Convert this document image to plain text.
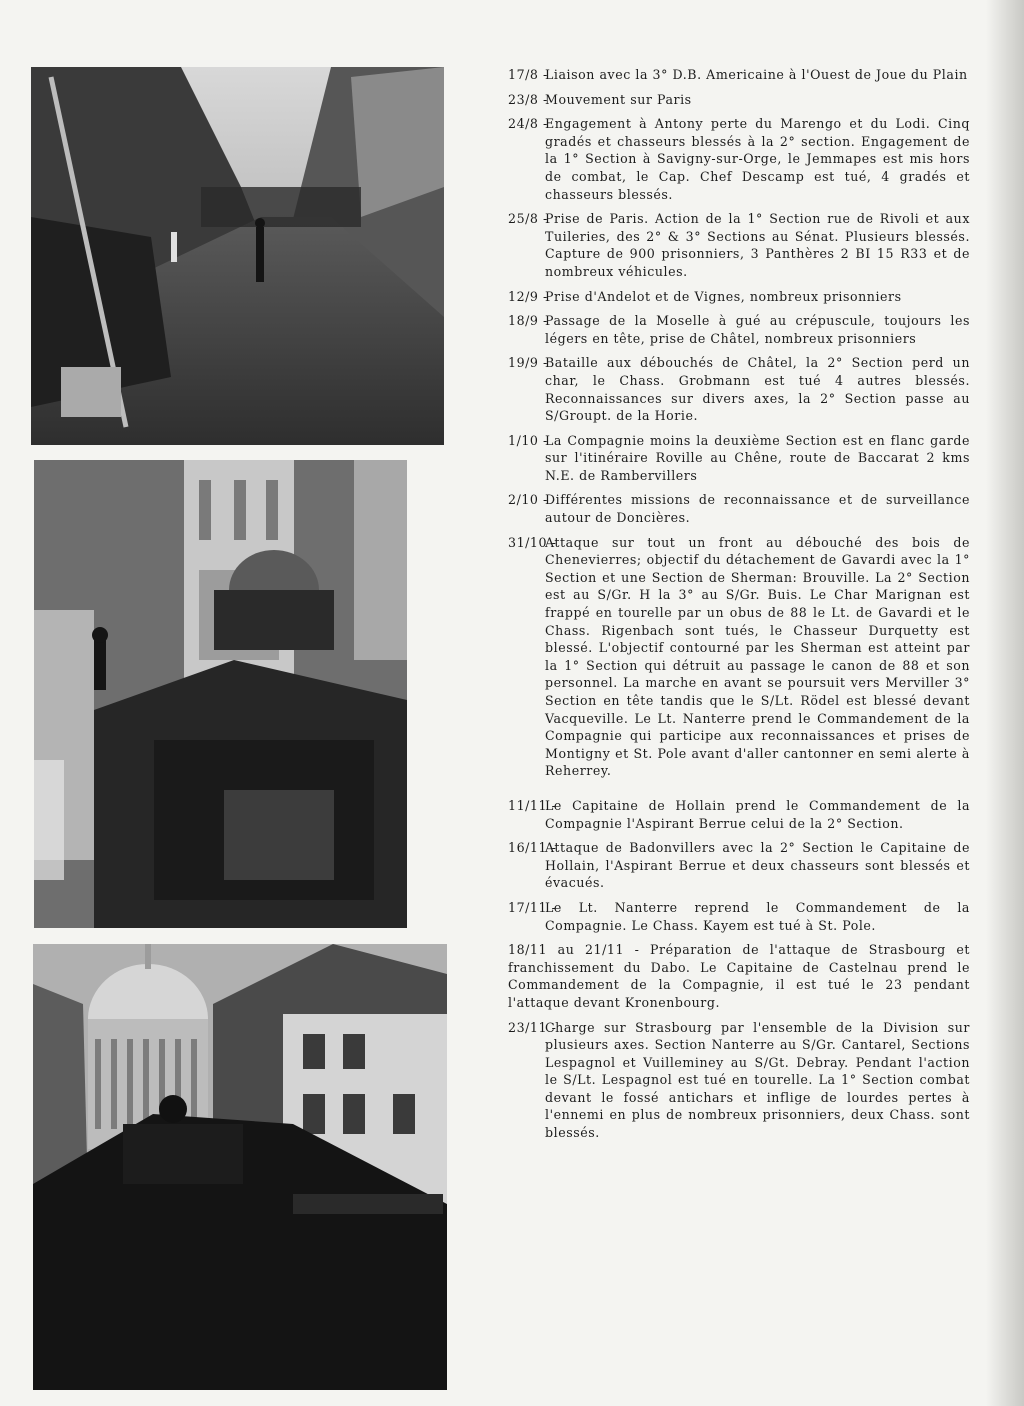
17/8 -
Liaison avec la 3° D.B. Americaine à l'Ouest de Joue du Plain
23/8 -
Mouvement sur Paris
24/8 -
Engagement à Antony perte du Marengo et du Lodi. Cinq gradés et chasseurs blessés à la 2° section. Engagement de la 1° Section à Savigny-sur-Orge, le Jemmapes est mis hors de combat, le Cap. Chef Descamp est tué, 4 gradés et chasseurs blessés.
25/8 -
Prise de Paris. Action de la 1° Section rue de Rivoli et aux Tuileries, des 2° & 3° Sections au Sénat. Plusieurs blessés. Capture de 900 prisonniers, 3 Panthères 2 BI 15 R33 et de nombreux véhicules.
12/9 -
Prise d'Andelot et de Vignes, nombreux prisonniers
18/9 -
Passage de la Moselle à gué au crépuscule, toujours les légers en tête, prise de Châtel, nombreux prisonniers
19/9 -
Bataille aux débouchés de Châtel, la 2° Section perd un char, le Chass. Grobmann est tué 4 autres blessés. Reconnaissances sur divers axes, la 2° Section passe au S/Groupt. de la Horie.
1/10 -
La Compagnie moins la deuxième Section est en flanc garde sur l'itinéraire Roville au Chêne, route de Baccarat 2 kms N.E. de Rambervillers
2/10 -
Différentes missions de reconnaissance et de surveillance autour de Doncières.
31/10 -
Attaque sur tout un front au débouché des bois de Chenevierres; objectif du détachement de Gavardi avec la 1° Section et une Section de Sherman: Brouville. La 2° Section est au S/Gr. H la 3° au S/Gr. Buis. Le Char Marignan est frappé en tourelle par un obus de 88 le Lt. de Gavardi et le Chass. Rigenbach sont tués, le Chasseur Durquetty est blessé. L'objectif contourné par les Sherman est atteint par la 1° Section qui détruit au passage le canon de 88 et son personnel. La marche en avant se poursuit vers Merviller 3° Section en tête tandis que le S/Lt. Rödel est blessé devant Vacqueville. Le Lt. Nanterre prend le Commandement de la Compagnie qui participe aux reconnaissances et prises de Montigny et St. Pole avant d'aller cantonner en semi alerte à Reherrey.
11/11 -
Le Capitaine de Hollain prend le Commandement de la Compagnie l'Aspirant Berrue celui de la 2° Section.
16/11 -
Attaque de Badonvillers avec la 2° Section le Capitaine de Hollain, l'Aspirant Berrue et deux chasseurs sont blessés et évacués.
17/11 -
Le Lt. Nanterre reprend le Commandement de la Compagnie. Le Chass. Kayem est tué à St. Pole.
18/11 au 21/11 - Préparation de l'attaque de Strasbourg et franchissement du Dabo. Le Capitaine de Castelnau prend le Commandement de la Compagnie, il est tué le 23 pendant l'attaque devant Kronenbourg.
23/11 -
Charge sur Strasbourg par l'ensemble de la Division sur plusieurs axes. Section Nanterre au S/Gr. Cantarel, Sections Lespagnol et Vuilleminey au S/Gt. Debray. Pendant l'action le S/Lt. Lespagnol est tué en tourelle. La 1° Section combat devant le fossé antichars et inflige de lourdes pertes à l'ennemi en plus de nombreux prisonniers, deux Chass. sont blessés.
